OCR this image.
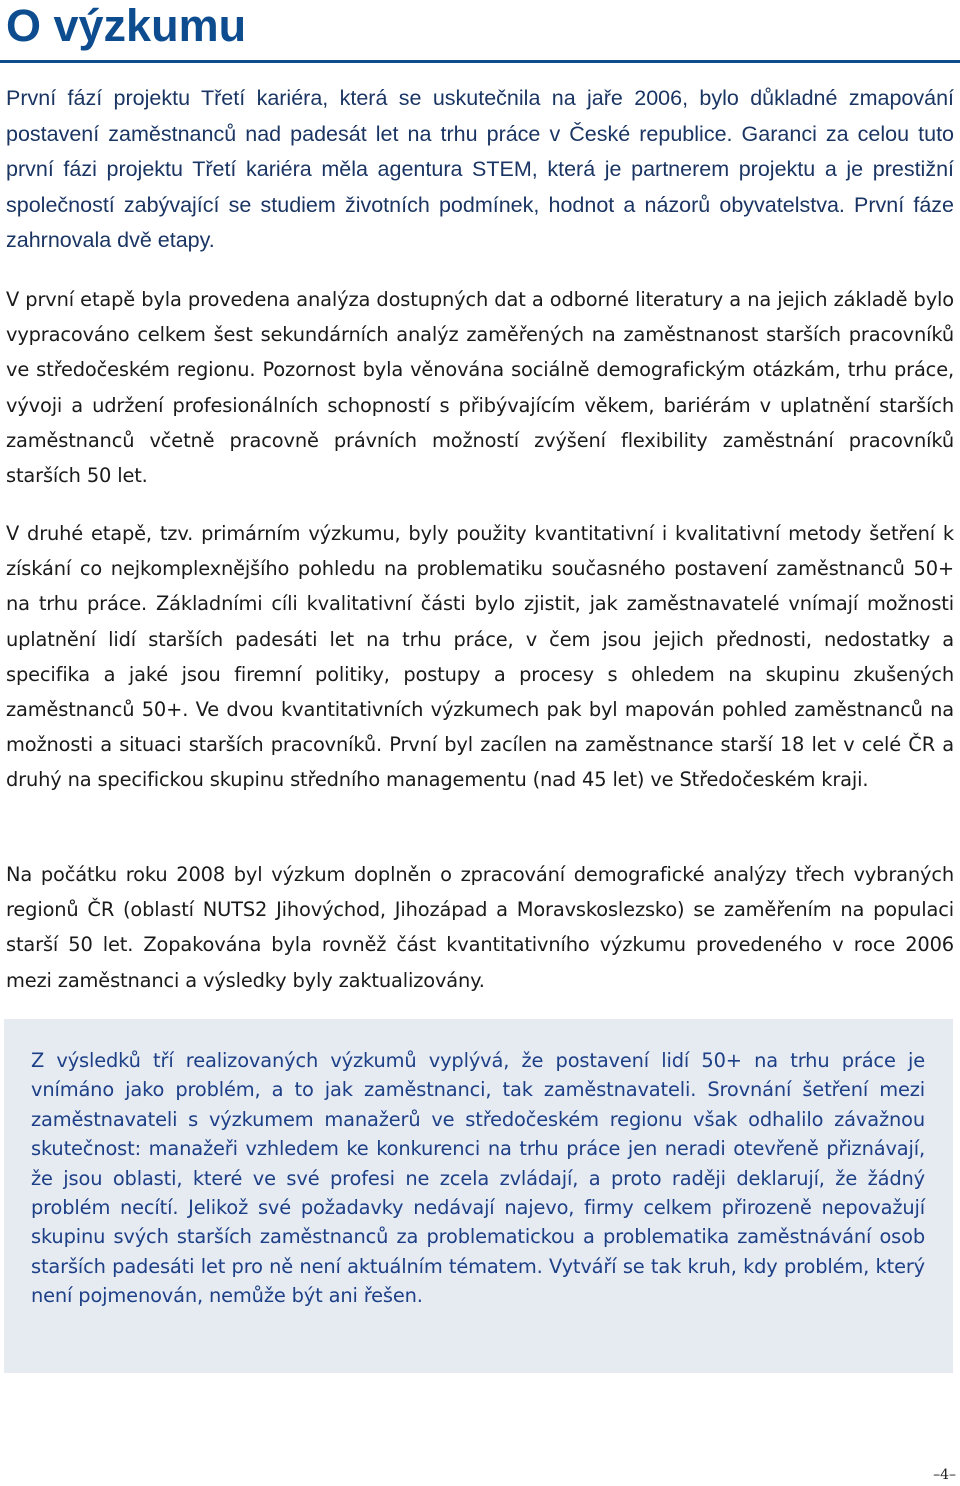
O výzkumu

První fází projektu Třetí kariéra, která se uskutečnila na jaře 2006, bylo důkladné zmapování postavení zaměstnanců nad padesát let na trhu práce v České republice. Garanci za celou tuto první fázi projektu Třetí kariéra měla agentura STEM, která je partnerem projektu a je prestižní společností zabývající se studiem životních podmínek, hodnot a názorů obyvatelstva. První fáze zahrnovala dvě etapy.

V první etapě byla provedena analýza dostupných dat a odborné literatury a na jejich základě bylo vypracováno celkem šest sekundárních analýz zaměřených na zaměstnanost starších pracovníků ve středočeském regionu. Pozornost byla věnována sociálně demografickým otázkám, trhu práce, vývoji a udržení profesionálních schopností s přibývajícím věkem, bariérám v uplatnění starších zaměstnanců včetně pracovně právních možností zvýšení flexibility zaměstnání pracovníků starších 50 let.

V druhé etapě, tzv. primárním výzkumu, byly použity kvantitativní i kvalitativní metody šetření k získání co nejkomplexnějšího pohledu na problematiku současného postavení zaměstnanců 50+ na trhu práce. Základními cíli kvalitativní části bylo zjistit, jak zaměstnavatelé vnímají možnosti uplatnění lidí starších padesáti let na trhu práce, v čem jsou jejich přednosti, nedostatky a specifika a jaké jsou firemní politiky, postupy a procesy s ohledem na skupinu zkušených zaměstnanců 50+. Ve dvou kvantitativních výzkumech pak byl mapován pohled zaměstnanců na možnosti a situaci starších pracovníků. První byl zacílen na zaměstnance starší 18 let v celé ČR a druhý na specifickou skupinu středního managementu (nad 45 let) ve Středočeském kraji.

Na počátku roku 2008 byl výzkum doplněn o zpracování demografické analýzy třech vybraných regionů ČR (oblastí NUTS2 Jihovýchod, Jihozápad a Moravskoslezsko) se zaměřením na populaci starší 50 let. Zopakována byla rovněž část kvantitativního výzkumu provedeného v roce 2006 mezi zaměstnanci a výsledky byly zaktualizovány.

Z výsledků tří realizovaných výzkumů vyplývá, že postavení lidí 50+ na trhu práce je vnímáno jako problém, a to jak zaměstnanci, tak zaměstnavateli. Srovnání šetření mezi zaměstnavateli s výzkumem manažerů ve středočeském regionu však odhalilo závažnou skutečnost: manažeři vzhledem ke konkurenci na trhu práce jen neradi otevřeně přiznávají, že jsou oblasti, které ve své profesi ne zcela zvládají, a proto raději deklarují, že žádný problém necítí. Jelikož své požadavky nedávají najevo, firmy celkem přirozeně nepovažují skupinu svých starších zaměstnanců za problematickou a problematika zaměstnávání osob starších padesáti let pro ně není aktuálním tématem. Vytváří se tak kruh, kdy problém, který není pojmenován, nemůže být ani řešen.

–4–
